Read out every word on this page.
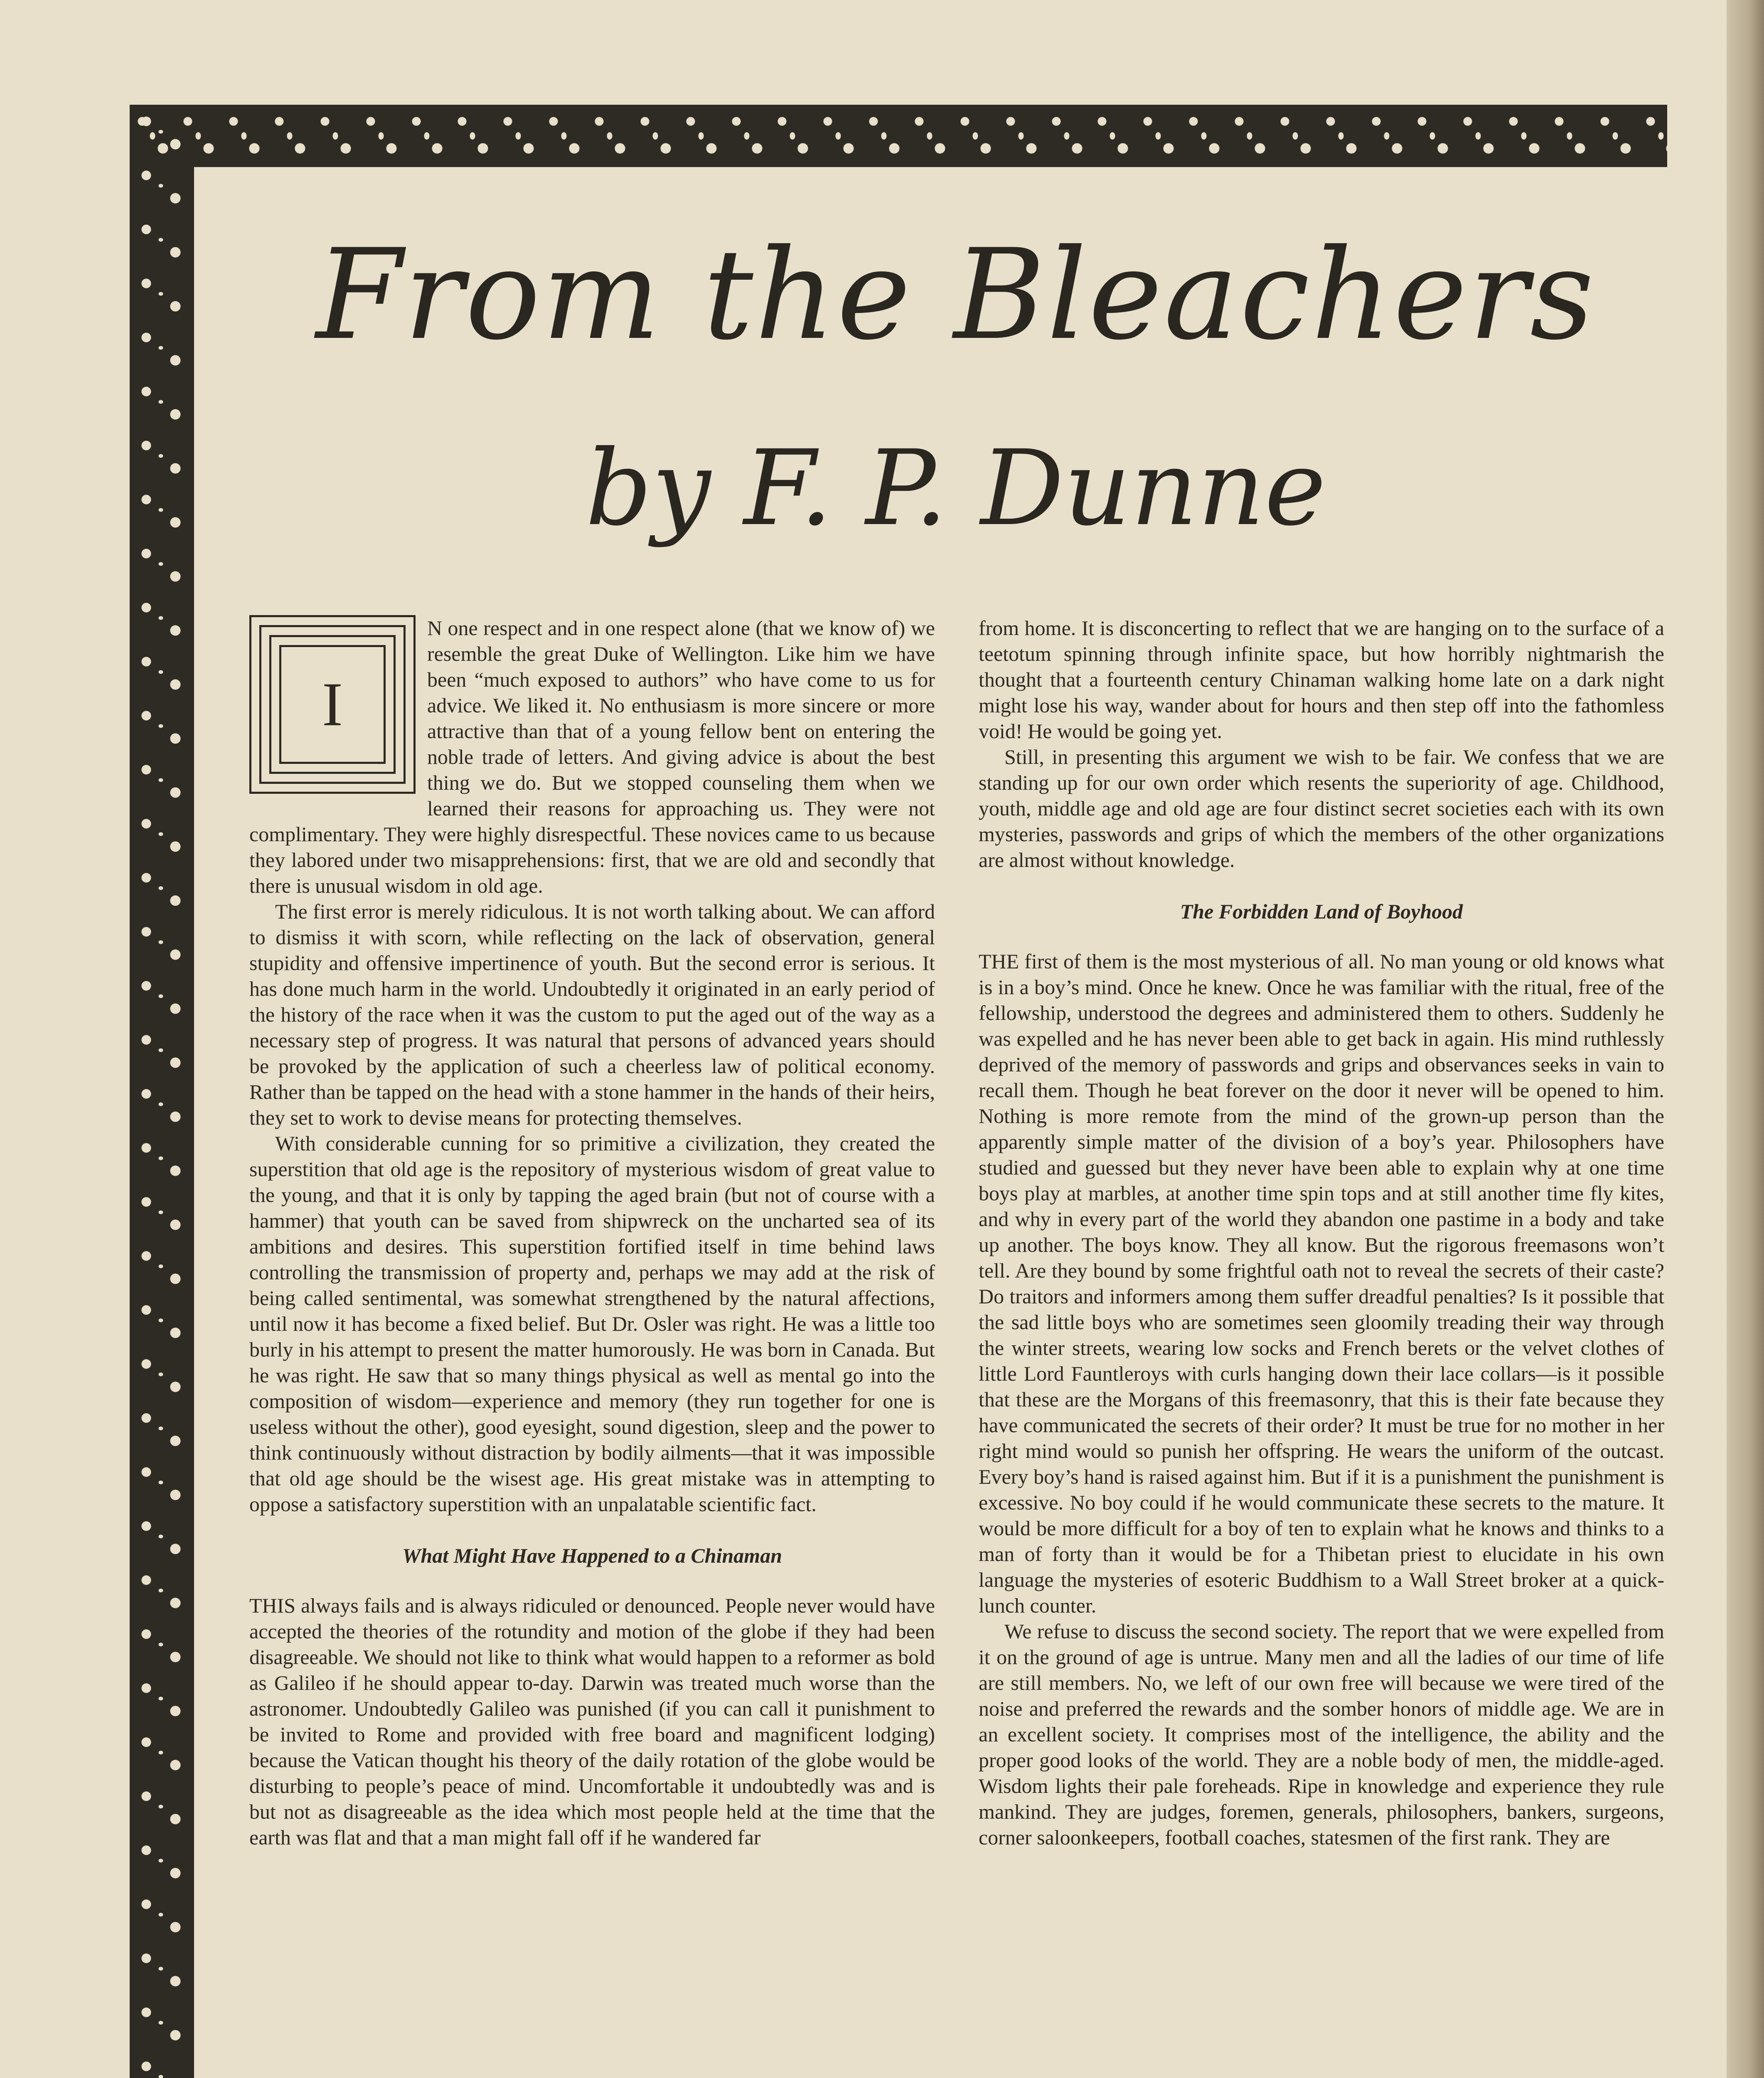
From the Bleachers
by F. P. Dunne
I

N one respect and in one respect alone (that we know of) we resemble the great Duke of Wellington. Like him we have been “much exposed to authors” who have come to us for advice. We liked it. No enthusiasm is more sincere or more attractive than that of a young fellow bent on entering the noble trade of letters. And giving advice is about the best thing we do. But we stopped counseling them when we learned their reasons for approaching us. They were not complimentary. They were highly disrespectful. These novices came to us because they labored under two misapprehensions: first, that we are old and secondly that there is unusual wisdom in old age.

The first error is merely ridiculous. It is not worth talking about. We can afford to dismiss it with scorn, while reflecting on the lack of observation, general stupidity and offensive impertinence of youth. But the second error is serious. It has done much harm in the world. Undoubtedly it originated in an early period of the history of the race when it was the custom to put the aged out of the way as a necessary step of progress. It was natural that persons of advanced years should be provoked by the application of such a cheerless law of political economy. Rather than be tapped on the head with a stone hammer in the hands of their heirs, they set to work to devise means for protecting themselves.

With considerable cunning for so primitive a civilization, they created the superstition that old age is the repository of mysterious wisdom of great value to the young, and that it is only by tapping the aged brain (but not of course with a hammer) that youth can be saved from shipwreck on the uncharted sea of its ambitions and desires. This superstition fortified itself in time behind laws controlling the transmission of property and, perhaps we may add at the risk of being called sentimental, was somewhat strengthened by the natural affections, until now it has become a fixed belief. But Dr. Osler was right. He was a little too burly in his attempt to present the matter humorously. He was born in Canada. But he was right. He saw that so many things physical as well as mental go into the composition of wisdom—experience and memory (they run together for one is useless without the other), good eyesight, sound digestion, sleep and the power to think continuously without distraction by bodily ailments—that it was impossible that old age should be the wisest age. His great mistake was in attempting to oppose a satisfactory superstition with an unpalatable scientific fact.

What Might Have Happened to a Chinaman

THIS always fails and is always ridiculed or denounced. People never would have accepted the theories of the rotundity and motion of the globe if they had been disagreeable. We should not like to think what would happen to a reformer as bold as Galileo if he should appear to-day. Darwin was treated much worse than the astronomer. Undoubtedly Galileo was punished (if you can call it punishment to be invited to Rome and provided with free board and magnificent lodging) because the Vatican thought his theory of the daily rotation of the globe would be disturbing to people’s peace of mind. Uncomfortable it undoubtedly was and is but not as disagreeable as the idea which most people held at the time that the earth was flat and that a man might fall off if he wandered far

from home. It is disconcerting to reflect that we are hanging on to the surface of a teetotum spinning through infinite space, but how horribly nightmarish the thought that a fourteenth century Chinaman walking home late on a dark night might lose his way, wander about for hours and then step off into the fathomless void! He would be going yet.

Still, in presenting this argument we wish to be fair. We confess that we are standing up for our own order which resents the superiority of age. Childhood, youth, middle age and old age are four distinct secret societies each with its own mysteries, passwords and grips of which the members of the other organizations are almost without knowledge.

The Forbidden Land of Boyhood

THE first of them is the most mysterious of all. No man young or old knows what is in a boy’s mind. Once he knew. Once he was familiar with the ritual, free of the fellowship, understood the degrees and administered them to others. Suddenly he was expelled and he has never been able to get back in again. His mind ruthlessly deprived of the memory of passwords and grips and observances seeks in vain to recall them. Though he beat forever on the door it never will be opened to him. Nothing is more remote from the mind of the grown-up person than the apparently simple matter of the division of a boy’s year. Philosophers have studied and guessed but they never have been able to explain why at one time boys play at marbles, at another time spin tops and at still another time fly kites, and why in every part of the world they abandon one pastime in a body and take up another. The boys know. They all know. But the rigorous freemasons won’t tell. Are they bound by some frightful oath not to reveal the secrets of their caste? Do traitors and informers among them suffer dreadful penalties? Is it possible that the sad little boys who are sometimes seen gloomily treading their way through the winter streets, wearing low socks and French berets or the velvet clothes of little Lord Fauntleroys with curls hanging down their lace collars—is it possible that these are the Morgans of this freemasonry, that this is their fate because they have communicated the secrets of their order? It must be true for no mother in her right mind would so punish her offspring. He wears the uniform of the outcast. Every boy’s hand is raised against him. But if it is a punishment the punishment is excessive. No boy could if he would communicate these secrets to the mature. It would be more difficult for a boy of ten to explain what he knows and thinks to a man of forty than it would be for a Thibetan priest to elucidate in his own language the mysteries of esoteric Buddhism to a Wall Street broker at a quick-lunch counter.

We refuse to discuss the second society. The report that we were expelled from it on the ground of age is untrue. Many men and all the ladies of our time of life are still members. No, we left of our own free will because we were tired of the noise and preferred the rewards and the somber honors of middle age. We are in an excellent society. It comprises most of the intelligence, the ability and the proper good looks of the world. They are a noble body of men, the middle-aged. Wisdom lights their pale foreheads. Ripe in knowledge and experience they rule mankind. They are judges, foremen, generals, philosophers, bankers, surgeons, corner saloonkeepers, football coaches, statesmen of the first rank. They are
